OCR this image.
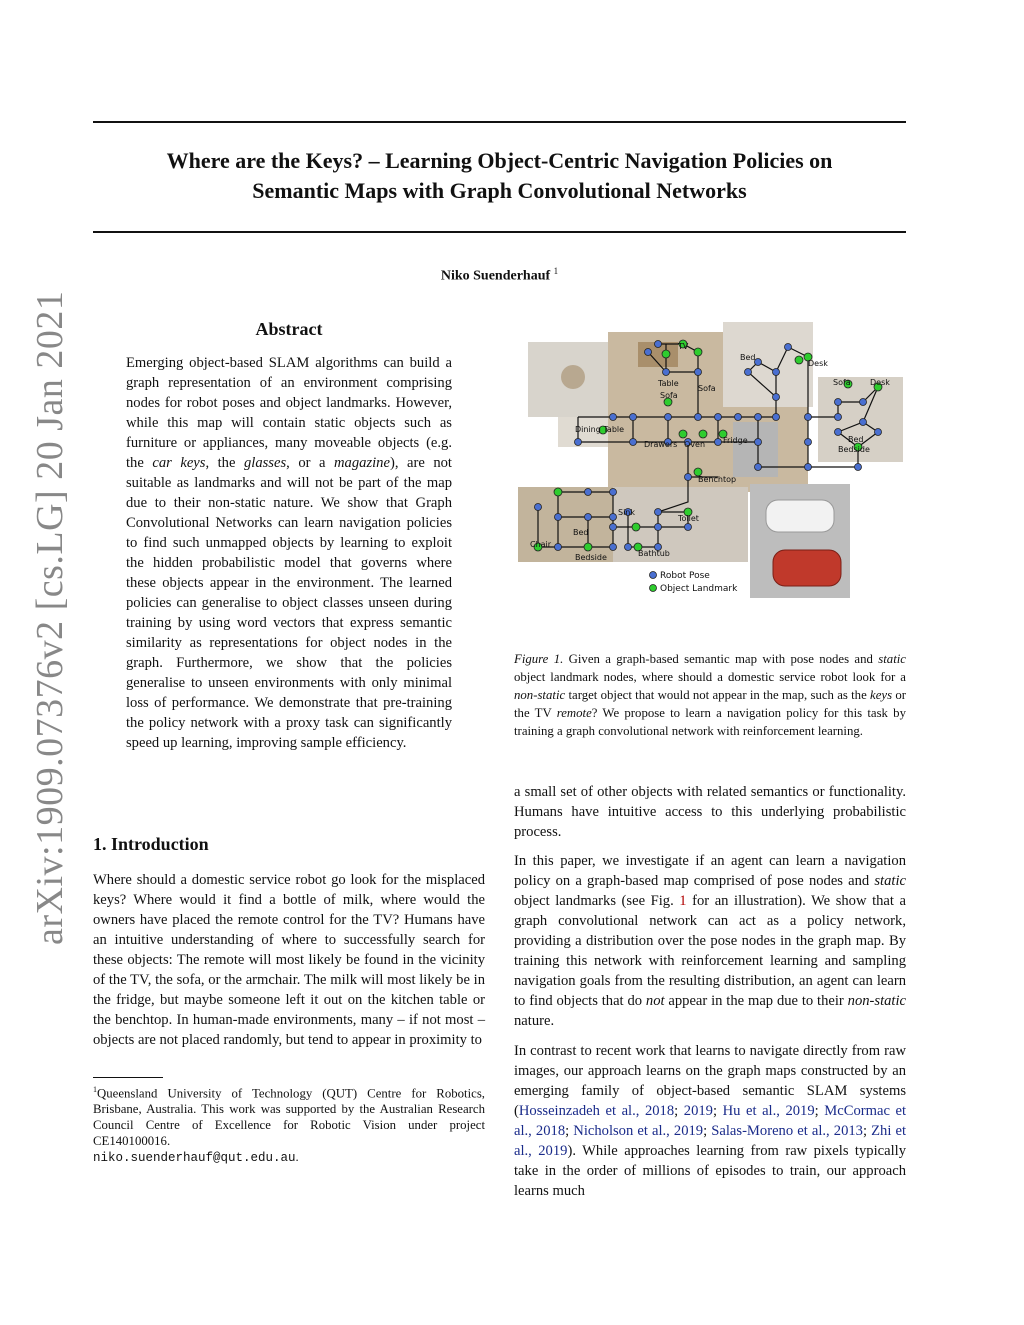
Where are the Keys? – Learning Object-Centric Navigation Policies on
Semantic Maps with Graph Convolutional Networks
Niko Suenderhauf $^1$
arXiv:1909.07376v2 [cs.LG] 20 Jan 2021	Abstract
Emerging object-based SLAM algorithms can build a graph representation of an environment comprising nodes for robot poses and object landmarks. However, while this map will contain static objects such as furniture or appliances, many moveable objects (e.g. the car keys, the glasses, or a magazine), are not suitable as landmarks and will not be part of the map due to their non-static nature. We show that Graph Convolutional Networks can learn navigation policies to find such unmapped objects by learning to exploit the hidden probabilistic model that governs where these objects appear in the environment. The learned policies can generalise to object classes unseen during training by using word vectors that express semantic similarity as representations for object nodes in the graph. Furthermore, we show that the policies generalise to unseen environments with only minimal loss of performance. We demonstrate that pre-training the policy network with a proxy task can significantly speed up learning, improving sample efficiency.
1. Introduction
Where should a domestic service robot go look for the misplaced keys? Where would it find a bottle of milk, where would the owners have placed the remote control for the TV? Humans have an intuitive understanding of where to successfully search for these objects: The remote will most likely be found in the vicinity of the TV, the sofa, or the armchair. The milk will most likely be in the fridge, but maybe someone left it out on the kitchen table or the benchtop. In human-made environments, many – if not most – objects are not placed randomly, but tend to appear in proximity to
$^1$Queensland University of Technology (QUT) Centre for Robotics, Brisbane, Australia. This work was supported by the Australian Research Council Centre of Excellence for Robotic Vision under project CE140100016.
niko.suenderhauf@qut.edu.au.
TV
Bed
Desk
Table
Sofa
Sofa
Sofa Desk
Dining Table
Drawers Oven Fridge	Bed
Bedside
Benchtop
Sink
Toilet
Bed
Chair
Bedside	Bathtub
Robot Pose
Object Landmark
Figure 1. Given a graph-based semantic map with pose nodes and static object landmark nodes, where should a domestic service robot look for a non-static target object that would not appear in the map, such as the keys or the TV remote? We propose to learn a navigation policy for this task by training a graph convolutional network with reinforcement learning.
a small set of other objects with related semantics or functionality. Humans have intuitive access to this underlying probabilistic process.
In this paper, we investigate if an agent can learn a navigation policy on a graph-based map comprised of pose nodes and static object landmarks (see Fig. 1 for an illustration). We show that a graph convolutional network can act as a policy network, providing a distribution over the pose nodes in the graph map. By training this network with reinforcement learning and sampling navigation goals from the resulting distribution, an agent can learn to find objects that do not appear in the map due to their non-static nature.
In contrast to recent work that learns to navigate directly from raw images, our approach learns on the graph maps constructed by an emerging family of object-based semantic SLAM systems (Hosseinzadeh et al., 2018; 2019; Hu et al., 2019; McCormac et al., 2018; Nicholson et al., 2019; Salas-Moreno et al., 2013; Zhi et al., 2019). While approaches learning from raw pixels typically take in the order of millions of episodes to train, our approach learns much
